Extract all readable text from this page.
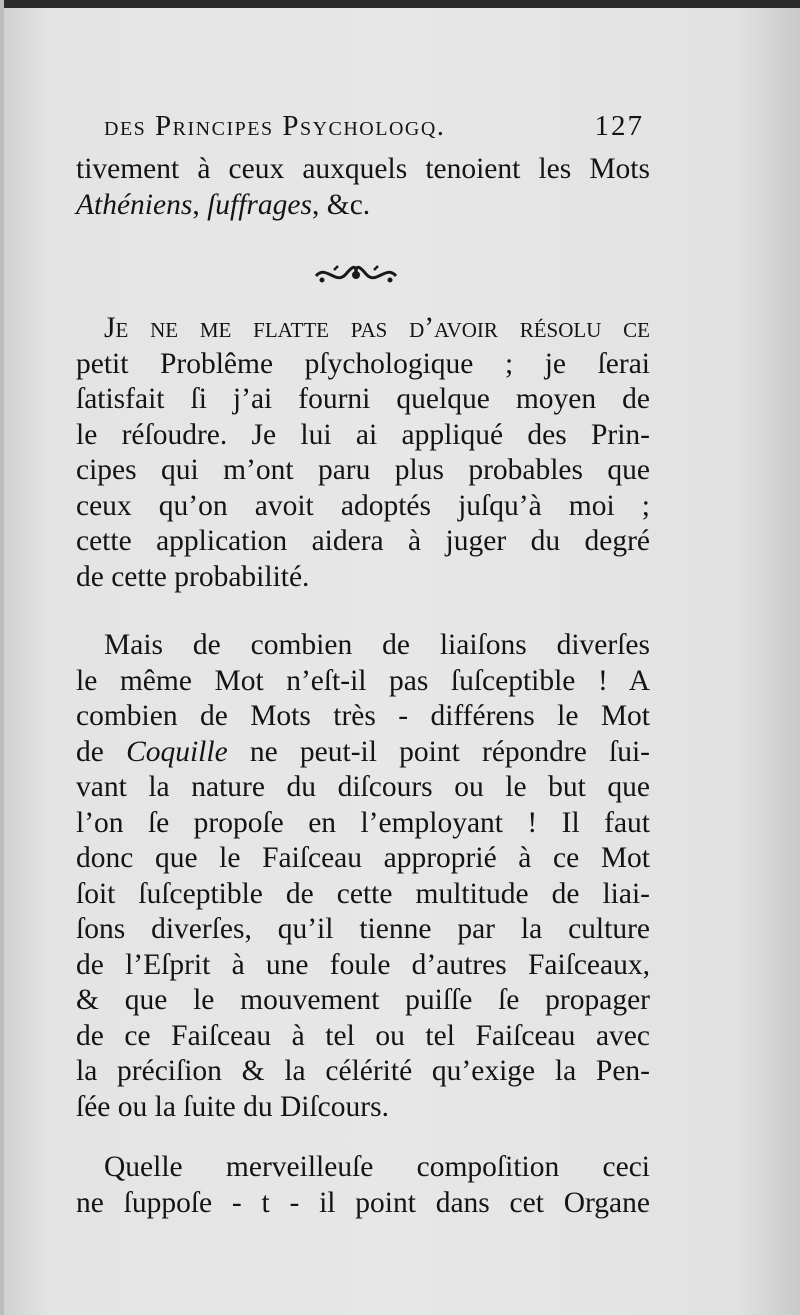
des Principes Psychologq.	127
tivement à ceux auxquels tenoient les Mots
Athéniens, ſuffrages, &c.
Je ne me flatte pas d’avoir réſolu ce
petit Problême pſychologique ; je ſerai
ſatisfait ſi j’ai fourni quelque moyen de
le réſoudre. Je lui ai appliqué des Prin-
cipes qui m’ont paru plus probables que
ceux qu’on avoit adoptés juſqu’à moi ;
cette application aidera à juger du degré
de cette probabilité.
Mais de combien de liaiſons diverſes
le même Mot n’eſt-il pas ſuſceptible ! A
combien de Mots très - différens le Mot
de Coquille ne peut-il point répondre ſui-
vant la nature du diſcours ou le but que
l’on ſe propoſe en l’employant ! Il faut
donc que le Faiſceau approprié à ce Mot
ſoit ſuſceptible de cette multitude de liai-
ſons diverſes, qu’il tienne par la culture
de l’Eſprit à une foule d’autres Faiſceaux,
& que le mouvement puiſſe ſe propager
de ce Faiſceau à tel ou tel Faiſceau avec
la préciſion & la célérité qu’exige la Pen-
ſée ou la ſuite du Diſcours.
Quelle merveilleuſe compoſition ceci
ne ſuppoſe - t - il point dans cet Organe
